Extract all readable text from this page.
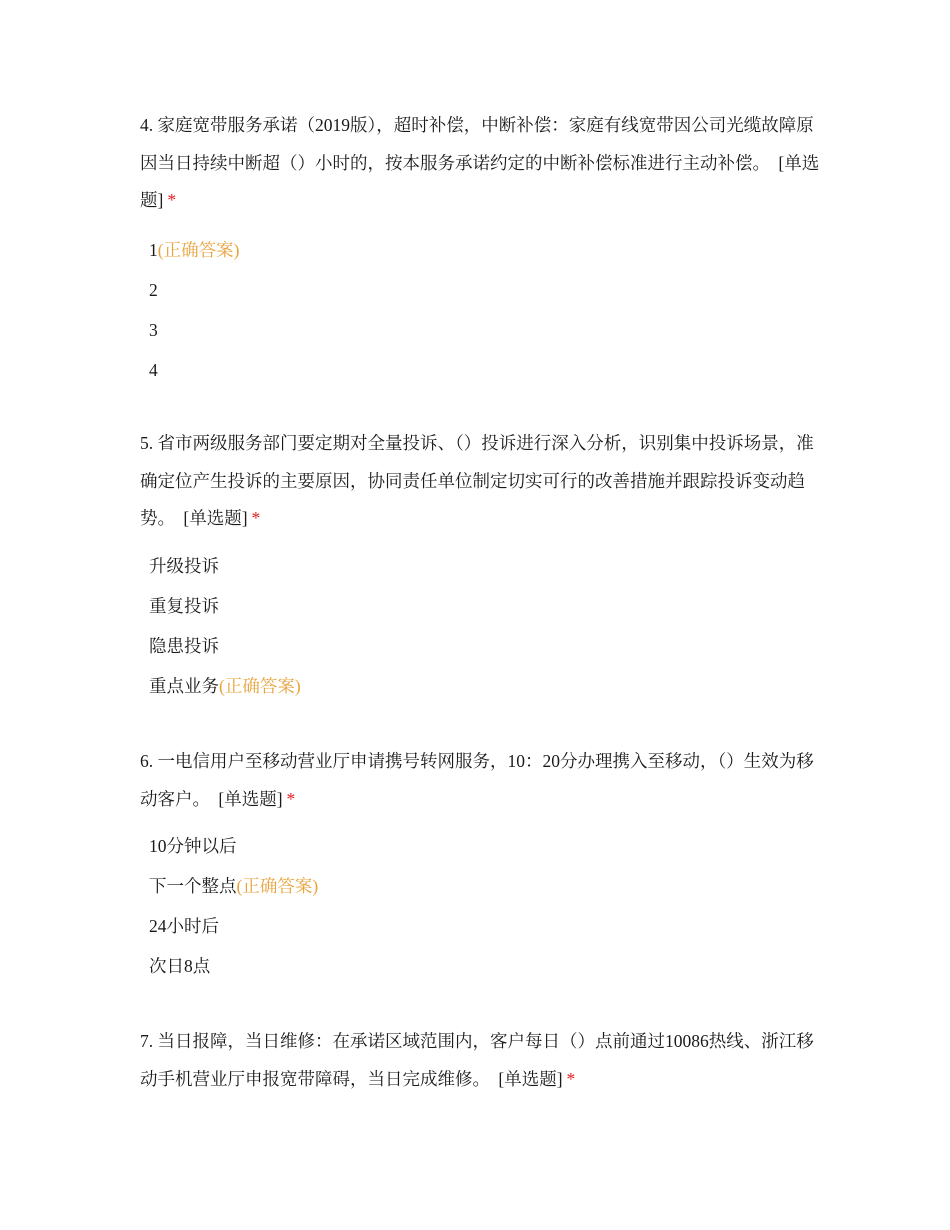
4. 家庭宽带服务承诺（2019版），超时补偿，中断补偿：家庭有线宽带因公司光缆故障原因当日持续中断超（）小时的，按本服务承诺约定的中断补偿标准进行主动补偿。 [单选题] *

1(正确答案)
2
3
4

5. 省市两级服务部门要定期对全量投诉、（）投诉进行深入分析，识别集中投诉场景，准确定位产生投诉的主要原因，协同责任单位制定切实可行的改善措施并跟踪投诉变动趋势。 [单选题] *

升级投诉
重复投诉
隐患投诉
重点业务(正确答案)

6. 一电信用户至移动营业厅申请携号转网服务，10：20分办理携入至移动，（）生效为移动客户。 [单选题] *

10分钟以后
下一个整点(正确答案)
24小时后
次日8点

7. 当日报障，当日维修：在承诺区域范围内，客户每日（）点前通过10086热线、浙江移动手机营业厅申报宽带障碍，当日完成维修。 [单选题] *
